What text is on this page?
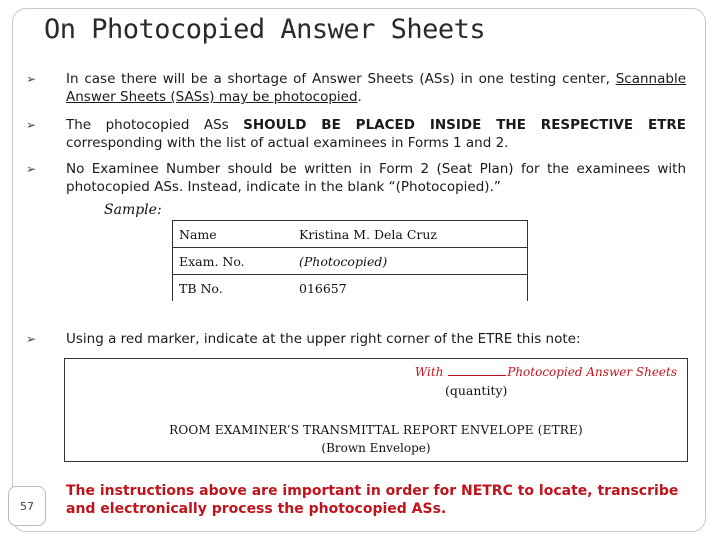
On Photocopied Answer Sheets
➢ In case there will be a shortage of Answer Sheets (ASs) in one testing center, Scannable Answer Sheets (SASs) may be photocopied.
➢ The photocopied ASs SHOULD BE PLACED INSIDE THE RESPECTIVE ETRE corresponding with the list of actual examinees in Forms 1 and 2.
➢ No Examinee Number should be written in Form 2 (Seat Plan) for the examinees with photocopied ASs. Instead, indicate in the blank “(Photocopied).”
Sample:
Name	Kristina M. Dela Cruz
Exam. No.	(Photocopied)
TB No.	016657
➢ Using a red marker, indicate at the upper right corner of the ETRE this note:
With	Photocopied Answer Sheets
(quantity)
ROOM EXAMINER’S TRANSMITTAL REPORT ENVELOPE (ETRE)
(Brown Envelope)
57
The instructions above are important in order for NETRC to locate, transcribe and electronically process the photocopied ASs.
